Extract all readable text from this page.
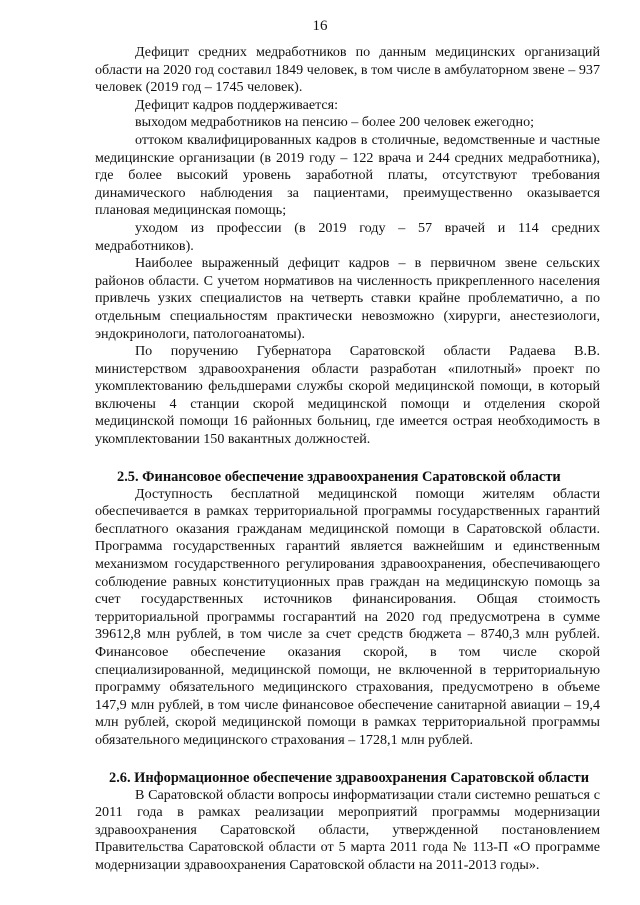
16

Дефицит средних медработников по данным медицинских организаций области на 2020 год составил 1849 человек, в том числе в амбулаторном звене – 937 человек (2019 год – 1745 человек).

Дефицит кадров поддерживается:

выходом медработников на пенсию – более 200 человек ежегодно;

оттоком квалифицированных кадров в столичные, ведомственные и частные медицинские организации (в 2019 году – 122 врача и 244 средних медработника), где более высокий уровень заработной платы, отсутствуют требования динамического наблюдения за пациентами, преимущественно оказывается плановая медицинская помощь;

уходом из профессии (в 2019 году – 57 врачей и 114 средних медработников).

Наиболее выраженный дефицит кадров – в первичном звене сельских районов области. С учетом нормативов на численность прикрепленного населения привлечь узких специалистов на четверть ставки крайне проблематично, а по отдельным специальностям практически невозможно (хирурги, анестезиологи, эндокринологи, патологоанатомы).

По поручению Губернатора Саратовской области Радаева В.В. министерством здравоохранения области разработан «пилотный» проект по укомплектованию фельдшерами службы скорой медицинской помощи, в который включены 4 станции скорой медицинской помощи и отделения скорой медицинской помощи 16 районных больниц, где имеется острая необходимость в укомплектовании 150 вакантных должностей.

2.5. Финансовое обеспечение здравоохранения Саратовской области

Доступность бесплатной медицинской помощи жителям области обеспечивается в рамках территориальной программы государственных гарантий бесплатного оказания гражданам медицинской помощи в Саратовской области. Программа государственных гарантий является важнейшим и единственным механизмом государственного регулирования здравоохранения, обеспечивающего соблюдение равных конституционных прав граждан на медицинскую помощь за счет государственных источников финансирования. Общая стоимость территориальной программы госгарантий на 2020 год предусмотрена в сумме 39612,8 млн рублей, в том числе за счет средств бюджета – 8740,3 млн рублей. Финансовое обеспечение оказания скорой, в том числе скорой специализированной, медицинской помощи, не включенной в территориальную программу обязательного медицинского страхования, предусмотрено в объеме 147,9 млн рублей, в том числе финансовое обеспечение санитарной авиации – 19,4 млн рублей, скорой медицинской помощи в рамках территориальной программы обязательного медицинского страхования – 1728,1 млн рублей.

2.6. Информационное обеспечение здравоохранения Саратовской области

В Саратовской области вопросы информатизации стали системно решаться с 2011 года в рамках реализации мероприятий программы модернизации здравоохранения Саратовской области, утвержденной постановлением Правительства Саратовской области от 5 марта 2011 года № 113-П «О программе модернизации здравоохранения Саратовской области на 2011-2013 годы».
